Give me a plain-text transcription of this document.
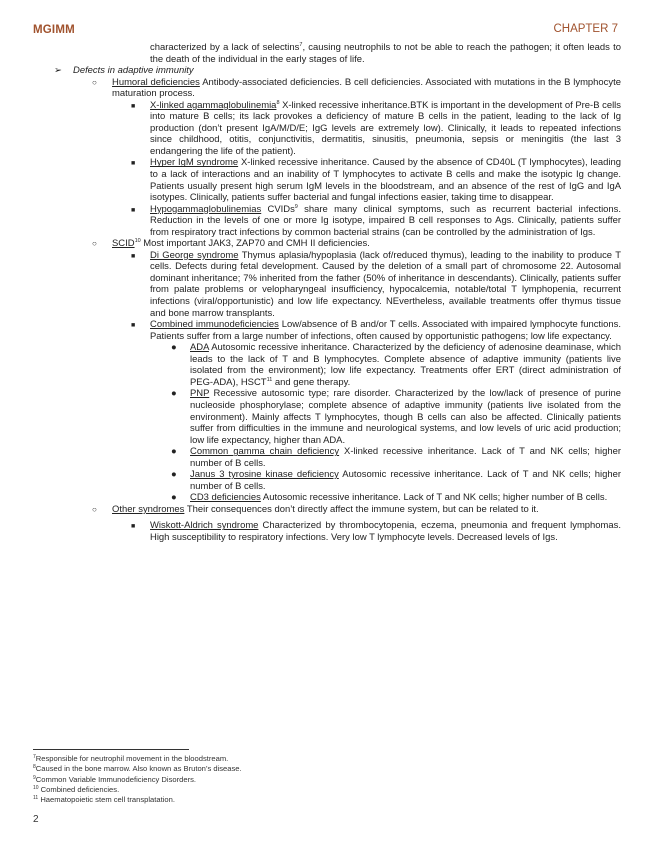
MGIMM	CHAPTER 7

characterized by a lack of selectins$^7$, causing neutrophils to not be able to reach the pathogen; it often leads to the death of the individual in the early stages of life.

➢ Defects in adaptive immunity

○ Humoral deficiencies Antibody-associated deficiencies. B cell deficiencies. Associated with mutations in the B lymphocyte maturation process.

■ X-linked agammaglobulinemia$^8$ X-linked recessive inheritance.BTK is important in the development of Pre-B cells into mature B cells; its lack provokes a deficiency of mature B cells in the patient, leading to the lack of Ig production (don’t present IgA/M/D/E; IgG levels are extremely low). Clinically, it leads to repeated infections since childhood, otitis, conjunctivitis, dermatitis, sinusitis, pneumonia, sepsis or meningitis (the last 3 endangering the life of the patient).

■ Hyper IgM syndrome X-linked recessive inheritance. Caused by the absence of CD40L (T lymphocytes), leading to a lack of interactions and an inability of T lymphocytes to activate B cells and make the isotypic Ig change. Patients usually present high serum IgM levels in the bloodstream, and an absence of the rest of IgG and IgA isotypes. Clinically, patients suffer bacterial and fungal infections easier, taking time to disappear.

■ Hypogammaglobulinemias CVIDs$^9$ share many clinical symptoms, such as recurrent bacterial infections. Reduction in the levels of one or more Ig isotype, impaired B cell responses to Ags. Clinically, patients suffer from respiratory tract infections by common bacterial strains (can be controlled by the administration of Igs.

○ SCID$^{10}$ Most important JAK3, ZAP70 and CMH II deficiencies.

■ Di George syndrome Thymus aplasia/hypoplasia (lack of/reduced thymus), leading to the inability to produce T cells. Defects during fetal development. Caused by the deletion of a small part of chromosome 22. Autosomal dominant inheritance; 7% inherited from the father (50% of inheritance in descendants). Clinically, patients suffer from palate problems or velopharyngeal insufficiency, hypocalcemia, notable/total T lymphopenia, recurrent infections (viral/opportunistic) and low life expectancy. NEvertheless, available treatments offer thymus tissue and bone marrow transplants.

■ Combined immunodeficiencies Low/absence of B and/or T cells. Associated with impaired lymphocyte functions. Patients suffer from a large number of infections, often caused by opportunistic pathogens; low life expectancy.

● ADA Autosomic recessive inheritance. Characterized by the deficiency of adenosine deaminase, which leads to the lack of T and B lymphocytes. Complete absence of adaptive immunity (patients live isolated from the environment); low life expectancy. Treatments offer ERT (direct administration of PEG-ADA), HSCT$^{11}$ and gene therapy.

● PNP Recessive autosomic type; rare disorder. Characterized by the low/lack of presence of purine nucleoside phosphorylase; complete absence of adaptive immunity (patients live isolated from the environment). Mainly affects T lymphocytes, though B cells can also be affected. Clinically patients suffer from difficulties in the immune and neurological systems, and low levels of uric acid production; low life expectancy, higher than ADA.

● Common gamma chain deficiency X-linked recessive inheritance. Lack of T and NK cells; higher number of B cells.

● Janus 3 tyrosine kinase deficiency Autosomic recessive inheritance. Lack of T and NK cells; higher number of B cells.

● CD3 deficiencies Autosomic recessive inheritance. Lack of T and NK cells; higher number of B cells.

○ Other syndromes Their consequences don’t directly affect the immune system, but can be related to it.

■ Wiskott-Aldrich syndrome Characterized by thrombocytopenia, eczema, pneumonia and frequent lymphomas. High susceptibility to respiratory infections. Very low T lymphocyte levels. Decreased levels of Igs.

$^7$Responsible for neutrophil movement in the bloodstream.
$^8$Caused in the bone marrow. Also known as Bruton’s disease.
$^9$Common Variable Immunodeficiency Disorders.
$^{10}$ Combined deficiencies.
$^{11}$ Haematopoietic stem cell transplatation.
2
